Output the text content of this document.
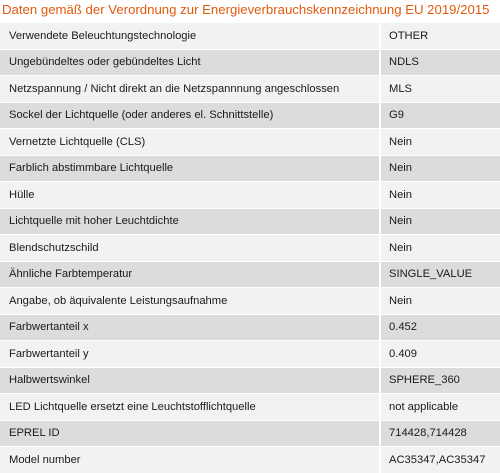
Daten gemäß der Verordnung zur Energieverbrauchskennzeichnung EU 2019/2015
Verwendete Beleuchtungstechnologie	OTHER
Ungebündeltes oder gebündeltes Licht	NDLS
Netzspannung / Nicht direkt an die Netzspannnung angeschlossen	MLS
Sockel der Lichtquelle (oder anderes el. Schnittstelle)	G9
Vernetzte Lichtquelle (CLS)	Nein
Farblich abstimmbare Lichtquelle	Nein
Hülle	Nein
Lichtquelle mit hoher Leuchtdichte	Nein
Blendschutzschild	Nein
Ähnliche Farbtemperatur	SINGLE_VALUE
Angabe, ob äquivalente Leistungsaufnahme	Nein
Farbwertanteil x	0.452
Farbwertanteil y	0.409
Halbwertswinkel	SPHERE_360
LED Lichtquelle ersetzt eine Leuchtstofflichtquelle	not applicable
EPREL ID	714428,714428
Model number	AC35347,AC35347
